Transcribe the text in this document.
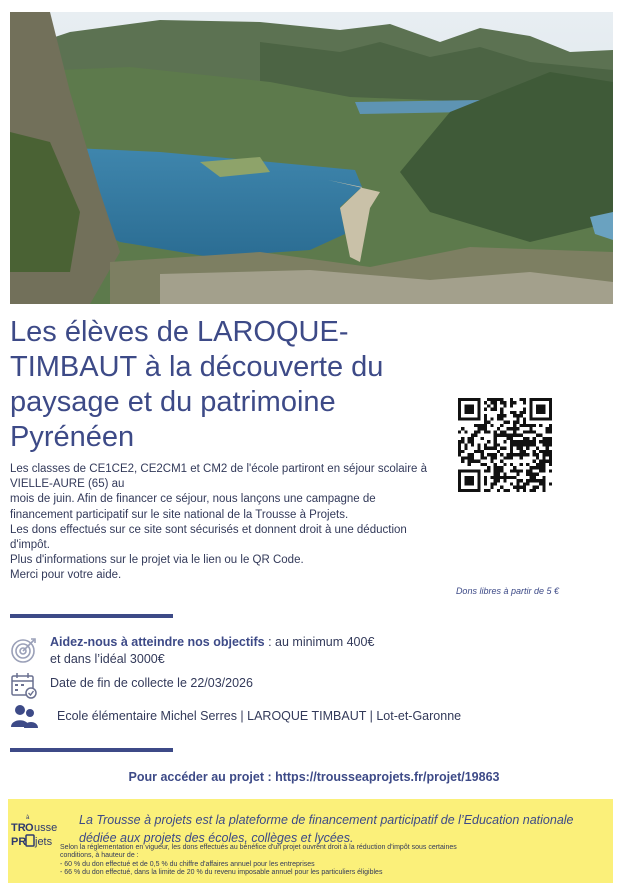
Les élèves de LAROQUE-TIMBAUT à la découverte du paysage et du patrimoine Pyrénéen

Les classes de CE1CE2, CE2CM1 et CM2 de l'école partiront en séjour scolaire à VIELLE-AURE (65) au

mois de juin. Afin de financer ce séjour, nous lançons une campagne de financement participatif sur le site national de la Trousse à Projets.

Les dons effectués sur ce site sont sécurisés et donnent droit à une déduction d'impôt.

Plus d'informations sur le projet via le lien ou le QR Code.

Merci pour votre aide.

Dons libres à partir de 5 €
Aidez-nous à atteindre nos objectifs : au minimum 400€
et dans l’idéal 3000€
Date de fin de collecte le 22/03/2026
Ecole élémentaire Michel Serres | LAROQUE TIMBAUT | Lot-et-Garonne
Pour accéder au projet : https://trousseaprojets.fr/projet/19863
TR O usse
PR jets
à	La Trousse à projets est la plateforme de financement participatif de l’Education nationale dédiée aux projets des écoles, collèges et lycées.
Selon la réglementation en vigueur, les dons effectués au bénéfice d'un projet ouvrent droit à la réduction d'impôt sous certaines
conditions, à hauteur de :
- 60 % du don effectué et de 0,5 % du chiffre d'affaires annuel pour les entreprises
- 66 % du don effectué, dans la limite de 20 % du revenu imposable annuel pour les particuliers éligibles
